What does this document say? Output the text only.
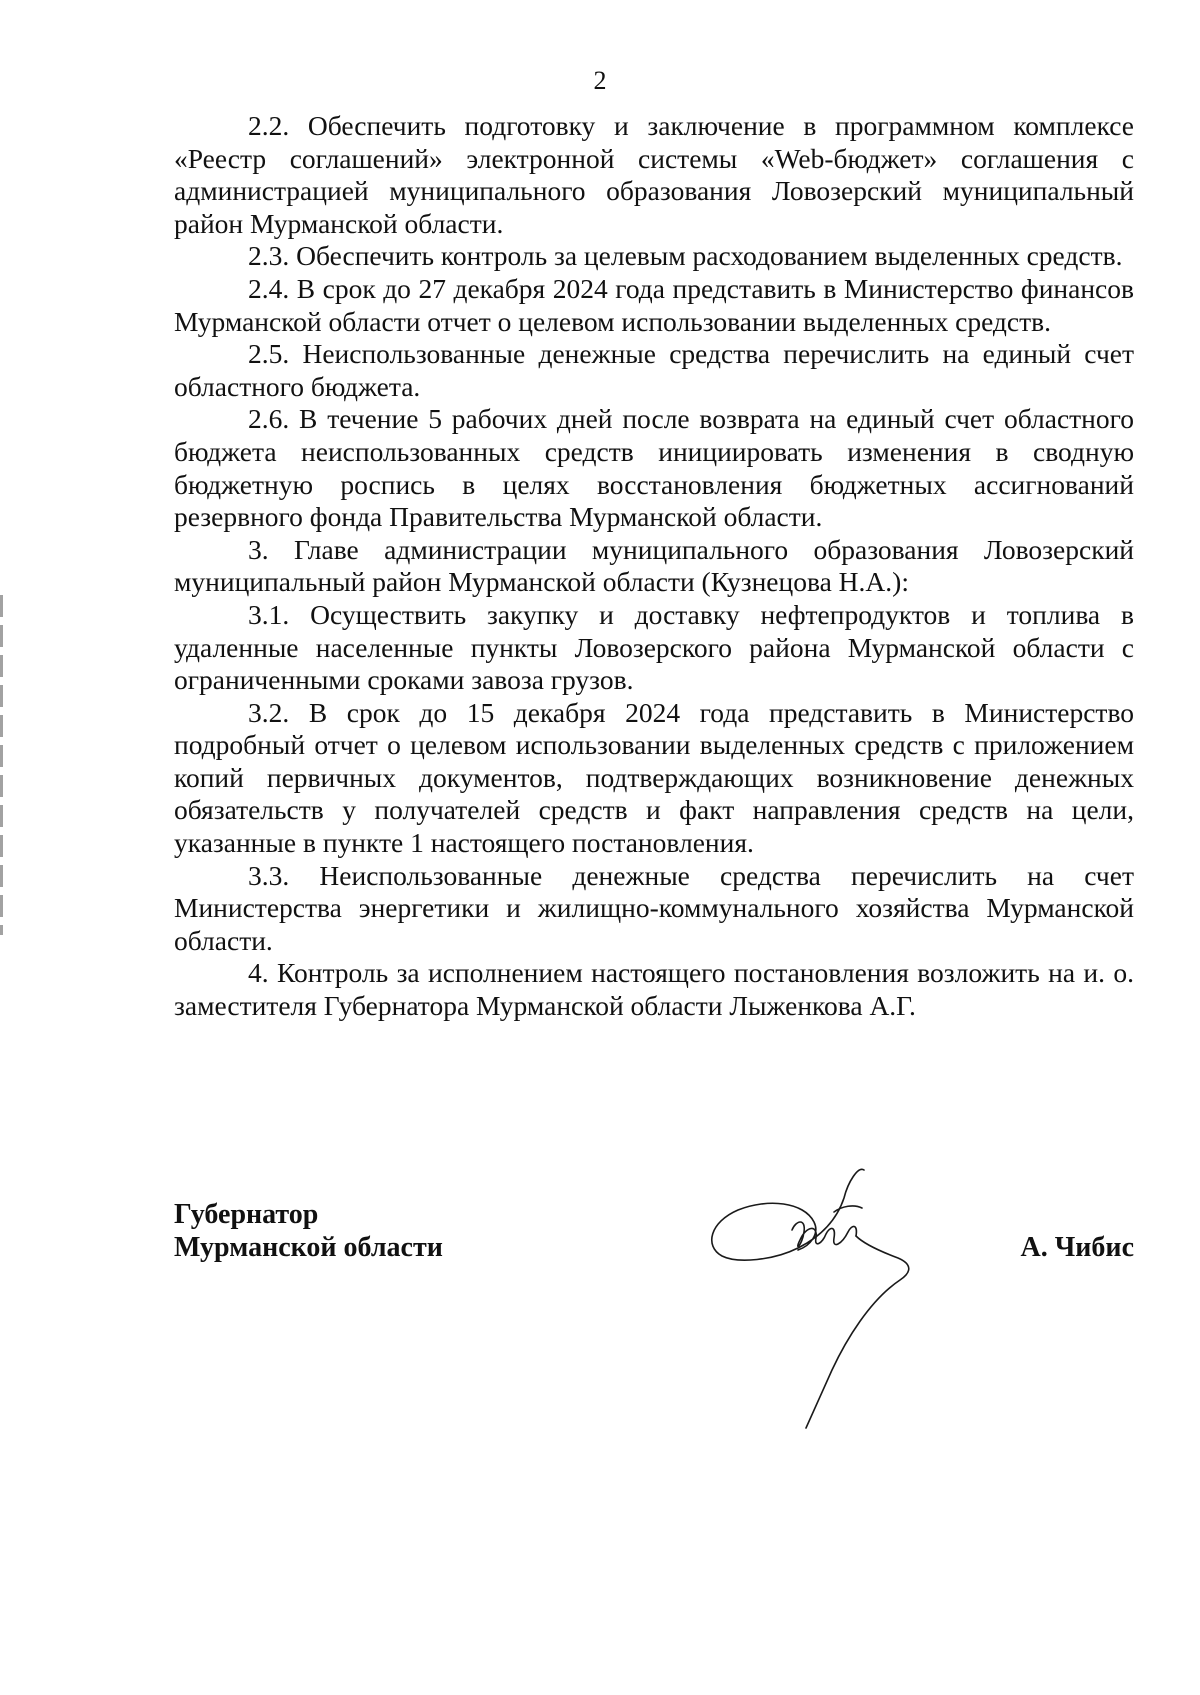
2

2.2. Обеспечить подготовку и заключение в программном комплексе «Реестр соглашений» электронной системы «Web-бюджет» соглашения с администрацией муниципального образования Ловозерский муниципальный район Мурманской области.

2.3. Обеспечить контроль за целевым расходованием выделенных средств.

2.4. В срок до 27 декабря 2024 года представить в Министерство финансов Мурманской области отчет о целевом использовании выделенных средств.

2.5. Неиспользованные денежные средства перечислить на единый счет областного бюджета.

2.6. В течение 5 рабочих дней после возврата на единый счет областного бюджета неиспользованных средств инициировать изменения в сводную бюджетную роспись в целях восстановления бюджетных ассигнований резервного фонда Правительства Мурманской области.

3. Главе администрации муниципального образования Ловозерский муниципальный район Мурманской области (Кузнецова Н.А.):

3.1. Осуществить закупку и доставку нефтепродуктов и топлива в удаленные населенные пункты Ловозерского района Мурманской области с ограниченными сроками завоза грузов.

3.2. В срок до 15 декабря 2024 года представить в Министерство подробный отчет о целевом использовании выделенных средств с приложением копий первичных документов, подтверждающих возникновение денежных обязательств у получателей средств и факт направления средств на цели, указанные в пункте 1 настоящего постановления.

3.3. Неиспользованные денежные средства перечислить на счет Министерства энергетики и жилищно-коммунального хозяйства Мурманской области.

4. Контроль за исполнением настоящего постановления возложить на и. о. заместителя Губернатора Мурманской области Лыженкова А.Г.

Губернатор
Мурманской области	А. Чибис
